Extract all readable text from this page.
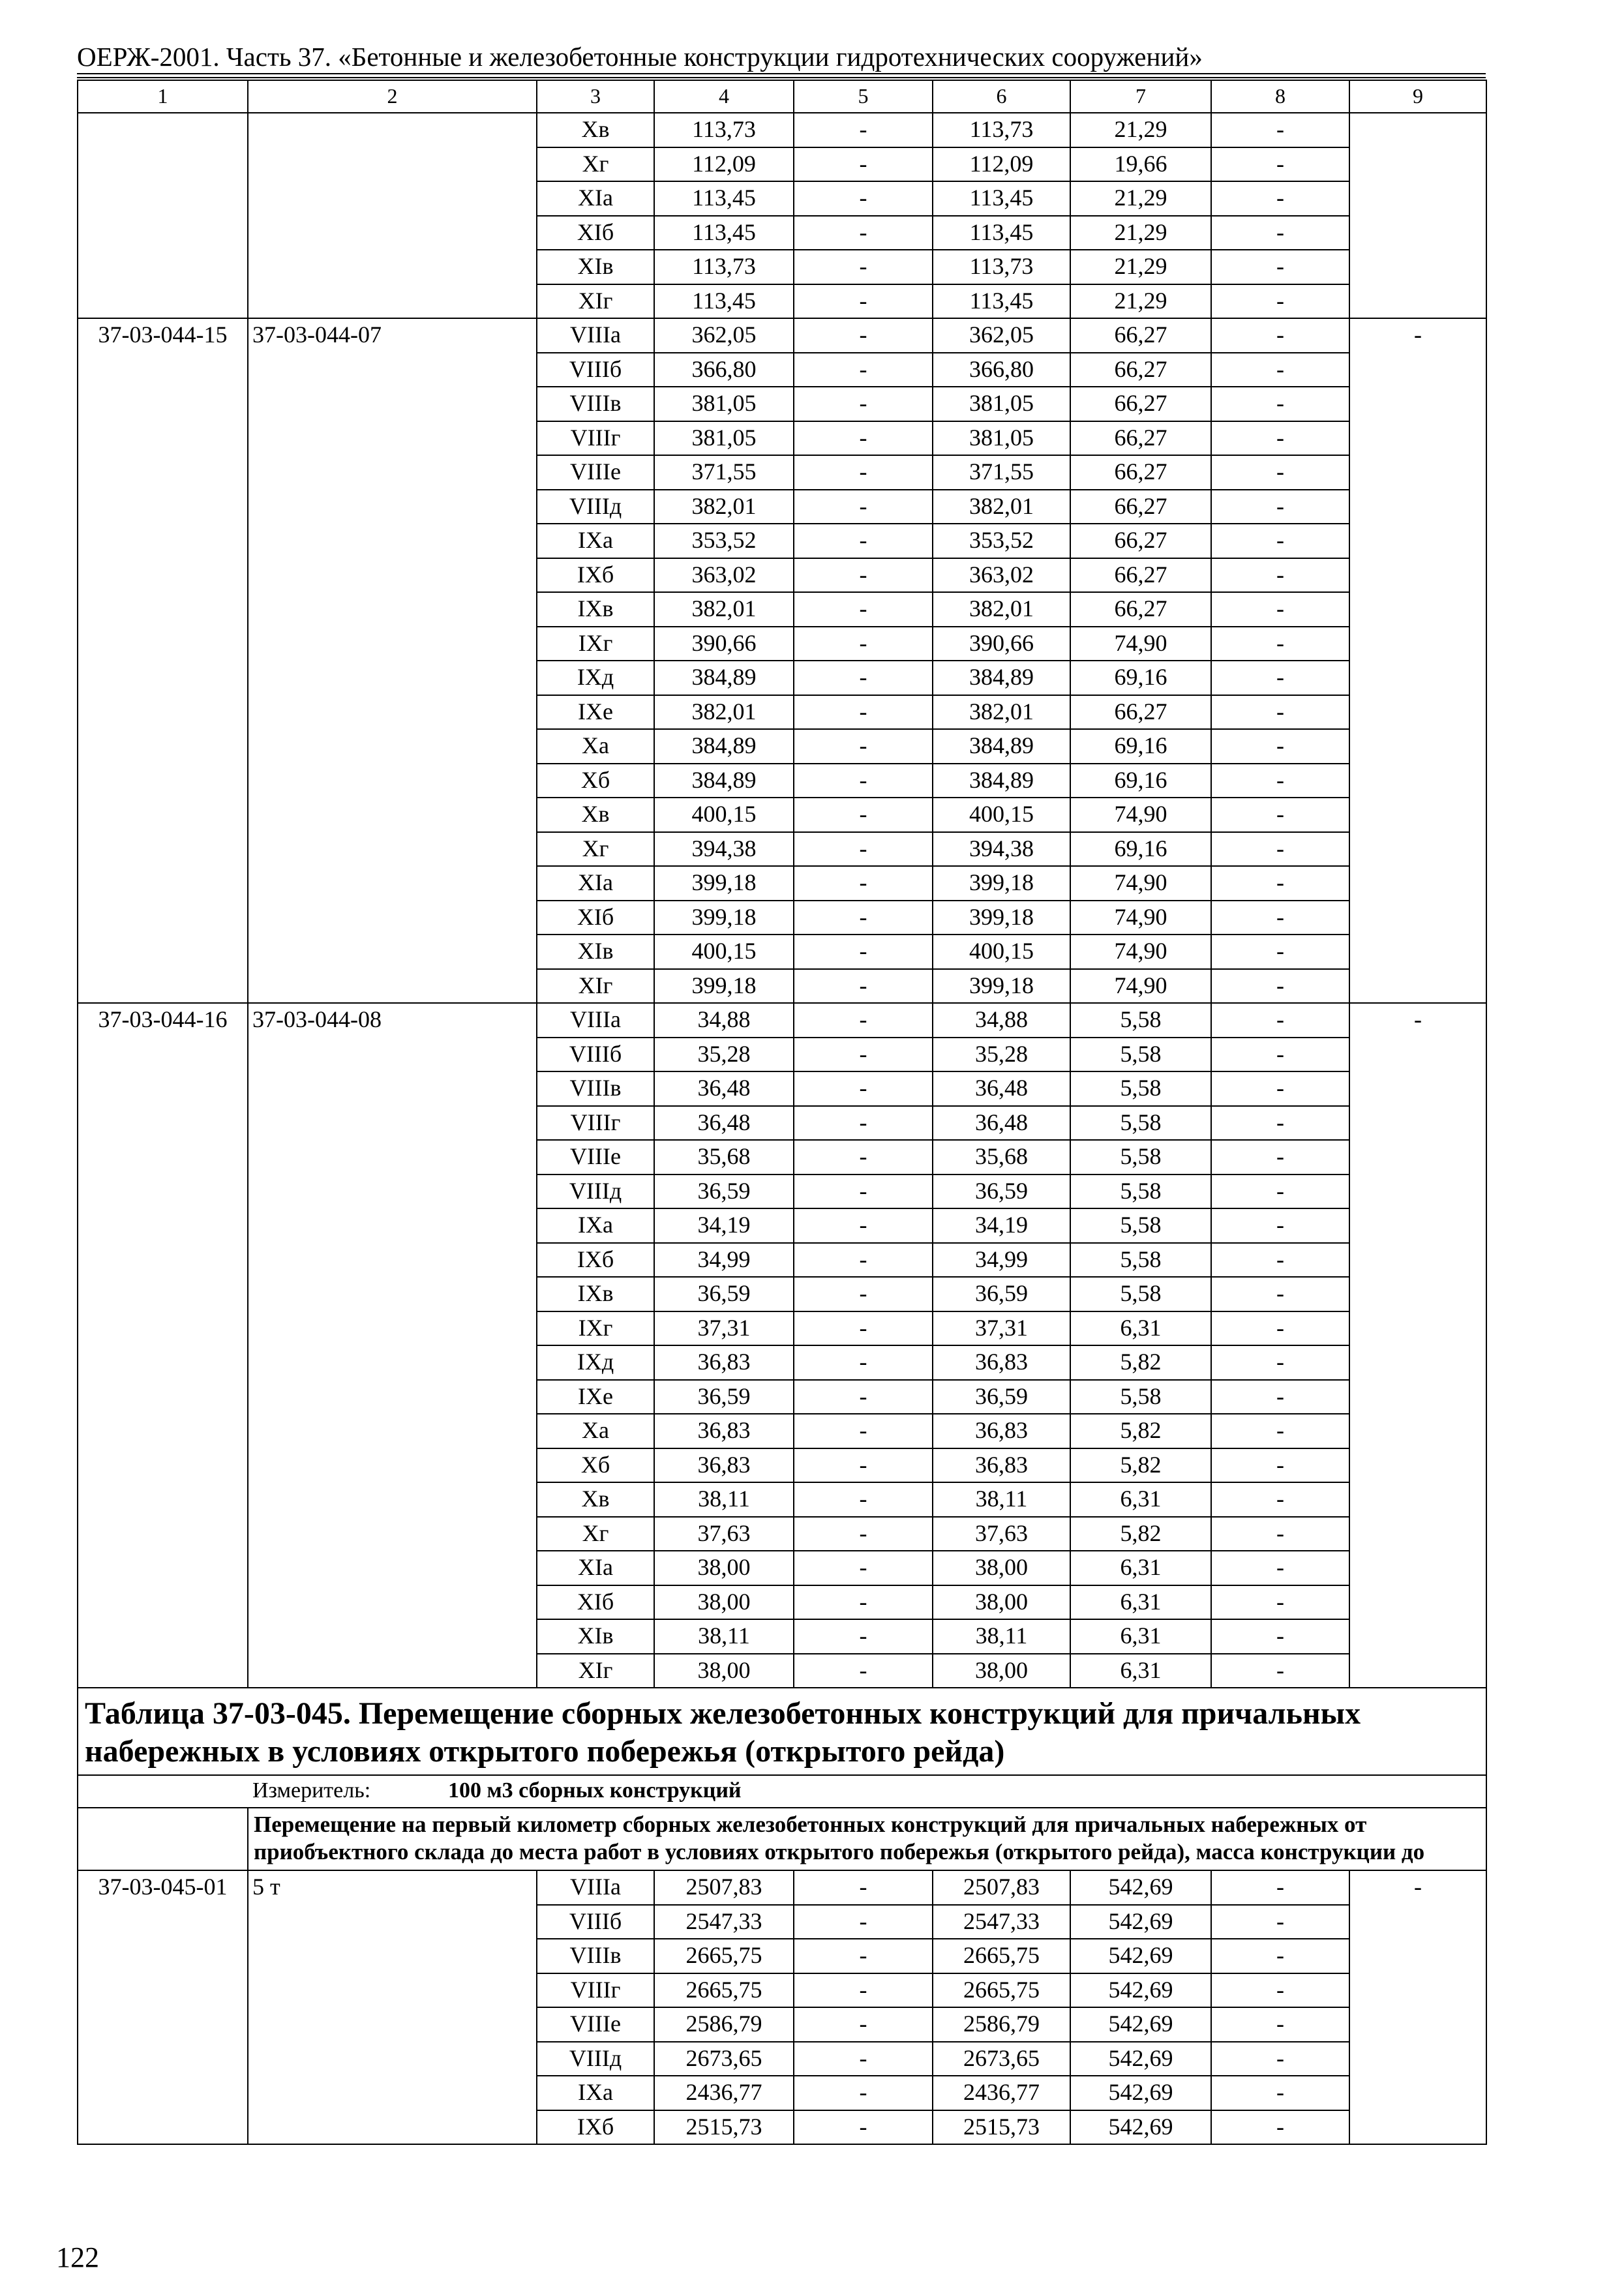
ОЕРЖ-2001. Часть 37. «Бетонные и железобетонные конструкции гидротехнических сооружений»
1	2	3	4	5	6	7	8	9
		Хв	113,73	-	113,73	21,29	-	
		Хг	112,09	-	112,09	19,66	-	
		ХIа	113,45	-	113,45	21,29	-	
		ХIб	113,45	-	113,45	21,29	-	
		ХIв	113,73	-	113,73	21,29	-	
		ХIг	113,45	-	113,45	21,29	-	
37-03-044-15	37-03-044-07	VIIIа	362,05	-	362,05	66,27	-	-
		VIIIб	366,80	-	366,80	66,27	-	
		VIIIв	381,05	-	381,05	66,27	-	
		VIIIг	381,05	-	381,05	66,27	-	
		VIIIе	371,55	-	371,55	66,27	-	
		VIIIд	382,01	-	382,01	66,27	-	
		IХа	353,52	-	353,52	66,27	-	
		IХб	363,02	-	363,02	66,27	-	
		IХв	382,01	-	382,01	66,27	-	
		IХг	390,66	-	390,66	74,90	-	
		IХд	384,89	-	384,89	69,16	-	
		IХе	382,01	-	382,01	66,27	-	
		Ха	384,89	-	384,89	69,16	-	
		Хб	384,89	-	384,89	69,16	-	
		Хв	400,15	-	400,15	74,90	-	
		Хг	394,38	-	394,38	69,16	-	
		ХIа	399,18	-	399,18	74,90	-	
		ХIб	399,18	-	399,18	74,90	-	
		ХIв	400,15	-	400,15	74,90	-	
		ХIг	399,18	-	399,18	74,90	-	
37-03-044-16	37-03-044-08	VIIIа	34,88	-	34,88	5,58	-	-
		VIIIб	35,28	-	35,28	5,58	-	
		VIIIв	36,48	-	36,48	5,58	-	
		VIIIг	36,48	-	36,48	5,58	-	
		VIIIе	35,68	-	35,68	5,58	-	
		VIIIд	36,59	-	36,59	5,58	-	
		IХа	34,19	-	34,19	5,58	-	
		IХб	34,99	-	34,99	5,58	-	
		IХв	36,59	-	36,59	5,58	-	
		IХг	37,31	-	37,31	6,31	-	
		IХд	36,83	-	36,83	5,82	-	
		IХе	36,59	-	36,59	5,58	-	
		Ха	36,83	-	36,83	5,82	-	
		Хб	36,83	-	36,83	5,82	-	
		Хв	38,11	-	38,11	6,31	-	
		Хг	37,63	-	37,63	5,82	-	
		ХIа	38,00	-	38,00	6,31	-	
		ХIб	38,00	-	38,00	6,31	-	
		ХIв	38,11	-	38,11	6,31	-	
		ХIг	38,00	-	38,00	6,31	-	
Таблица 37-03-045. Перемещение сборных железобетонных конструкций для причальных набережных в условиях открытого побережья (открытого рейда)								
Измеритель: 100 м3 сборных конструкций								
	Перемещение на первый километр сборных железобетонных конструкций для причальных набережных от приобъектного склада до места работ в условиях открытого побережья (открытого рейда), масса конструкции до							
37-03-045-01	5 т	VIIIа	2507,83	-	2507,83	542,69	-	-
		VIIIб	2547,33	-	2547,33	542,69	-	
		VIIIв	2665,75	-	2665,75	542,69	-	
		VIIIг	2665,75	-	2665,75	542,69	-	
		VIIIе	2586,79	-	2586,79	542,69	-	
		VIIIд	2673,65	-	2673,65	542,69	-	
		IХа	2436,77	-	2436,77	542,69	-	
		IХб	2515,73	-	2515,73	542,69	-	
122
